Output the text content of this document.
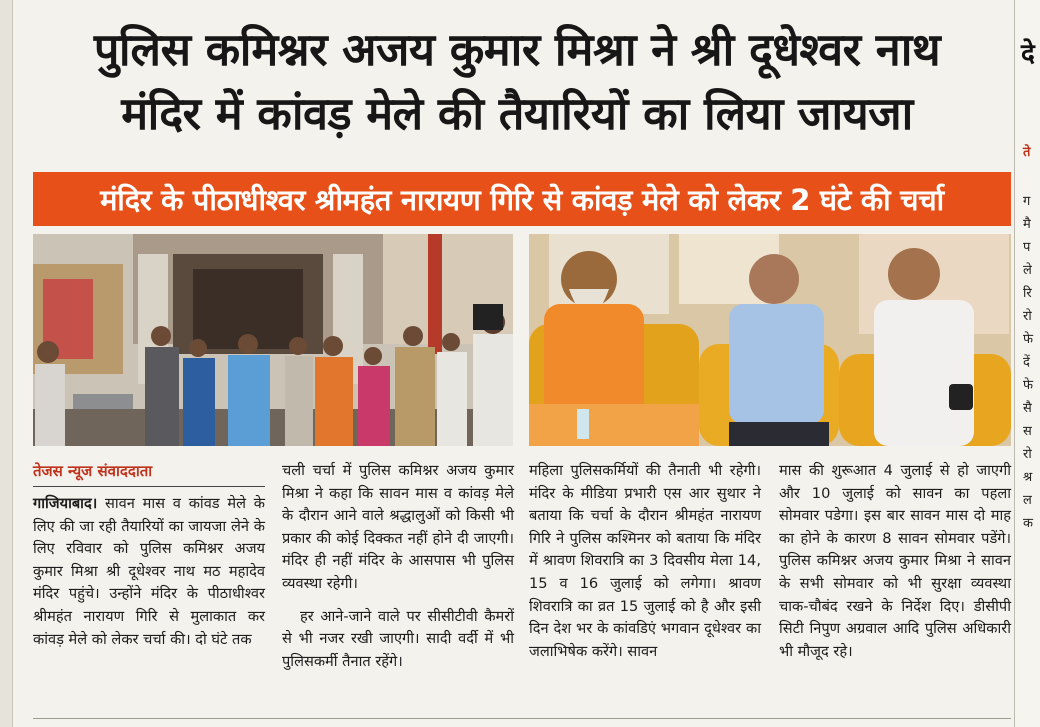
पुलिस कमिश्नर अजय कुमार मिश्रा ने श्री दूधेश्वर नाथ
मंदिर में कांवड़ मेले की तैयारियों का लिया जायजा
मंदिर के पीठाधीश्वर श्रीमहंत नारायण गिरि से कांवड़ मेले को लेकर 2 घंटे की चर्चा

तेजस न्यूज संवाददाता

गाजियाबाद। सावन मास व कांवड मेले के लिए की जा रही तैयारियों का जायजा लेने के लिए रविवार को पुलिस कमिश्नर अजय कुमार मिश्रा श्री दूधेश्वर नाथ मठ महादेव मंदिर पहुंचे। उन्होंने मंदिर के पीठाधीश्वर श्रीमहंत नारायण गिरि से मुलाकात कर कांवड़ मेले को लेकर चर्चा की। दो घंटे तक

चली चर्चा में पुलिस कमिश्नर अजय कुमार मिश्रा ने कहा कि सावन मास व कांवड़ मेले के दौरान आने वाले श्रद्धालुओं को किसी भी प्रकार की कोई दिक्कत नहीं होने दी जाएगी। मंदिर ही नहीं मंदिर के आसपास भी पुलिस व्यवस्था रहेगी।

हर आने-जाने वाले पर सीसीटीवी कैमरों से भी नजर रखी जाएगी। सादी वर्दी में भी पुलिसकर्मी तैनात रहेंगे।

महिला पुलिसकर्मियों की तैनाती भी रहेगी। मंदिर के मीडिया प्रभारी एस आर सुथार ने बताया कि चर्चा के दौरान श्रीमहंत नारायण गिरि ने पुलिस कश्मिनर को बताया कि मंदिर में श्रावण शिवरात्रि का 3 दिवसीय मेला 14, 15 व 16 जुलाई को लगेगा। श्रावण शिवरात्रि का व्रत 15 जुलाई को है और इसी दिन देश भर के कांवडिएं भगवान दूधेश्वर का जलाभिषेक करेंगे। सावन

मास की शुरूआत 4 जुलाई से हो जाएगी और 10 जुलाई को सावन का पहला सोमवार पडेगा। इस बार सावन मास दो माह का होने के कारण 8 सावन सोमवार पडेंगे। पुलिस कमिश्नर अजय कुमार मिश्रा ने सावन के सभी सोमवार को भी सुरक्षा व्यवस्था चाक-चौबंद रखने के निर्देश दिए। डीसीपी सिटी निपुण अग्रवाल आदि पुलिस अधिकारी भी मौजूद रहे।

दे
ते
ग
मै
प
ले
रि
रो
फे
दें
फे
सै
स
रो
श्र
ल
क
